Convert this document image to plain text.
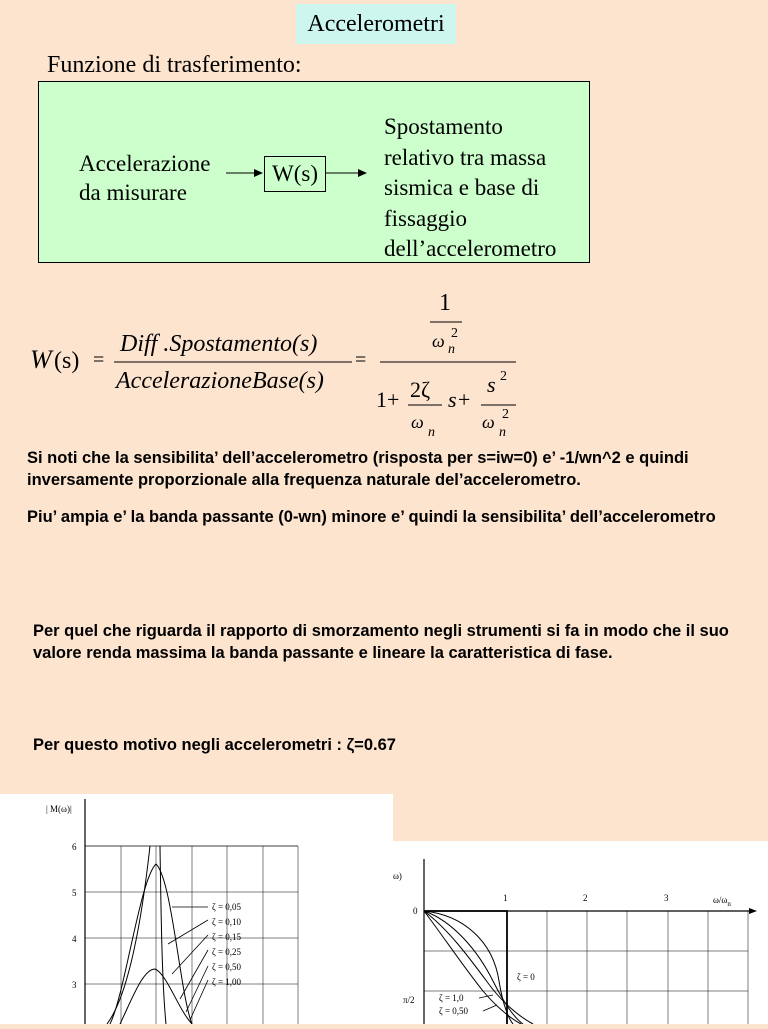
Accelerometri
Funzione di trasferimento:
Accelerazione
da misurare
W(s)
Spostamento
relativo tra massa
sismica e base di
fissaggio
dell’accelerometro
W (s) =
Diff .Spostamento(s)
AccelerazioneBase(s)
=
1
ω n
2
1+ 2ζ
ω
n
s+
s 2
ω
n
2
Si noti che la sensibilita’ dell’accelerometro (risposta per s=iw=0) e’ -1/wn^2 e quindi inversamente proporzionale alla frequenza naturale del’accelerometro.
Piu’ ampia e’ la banda passante (0-wn) minore e’ quindi la sensibilita’ dell’accelerometro
Per quel che riguarda il rapporto di smorzamento negli strumenti si fa in modo che il suo valore renda massima la banda passante e lineare la caratteristica di fase.
Per questo motivo negli accelerometri : ζ=0.67
| M(ω)|
6
5
4
3
ζ = 0,05
ζ = 0,10
ζ = 0,15
ζ = 0,25
ζ = 0,50
ζ = 1,00
ω)
1	2	3
0
π/2
$\omega/\omega_n$
ζ = 0
ζ = 1,0
ζ = 0,50
